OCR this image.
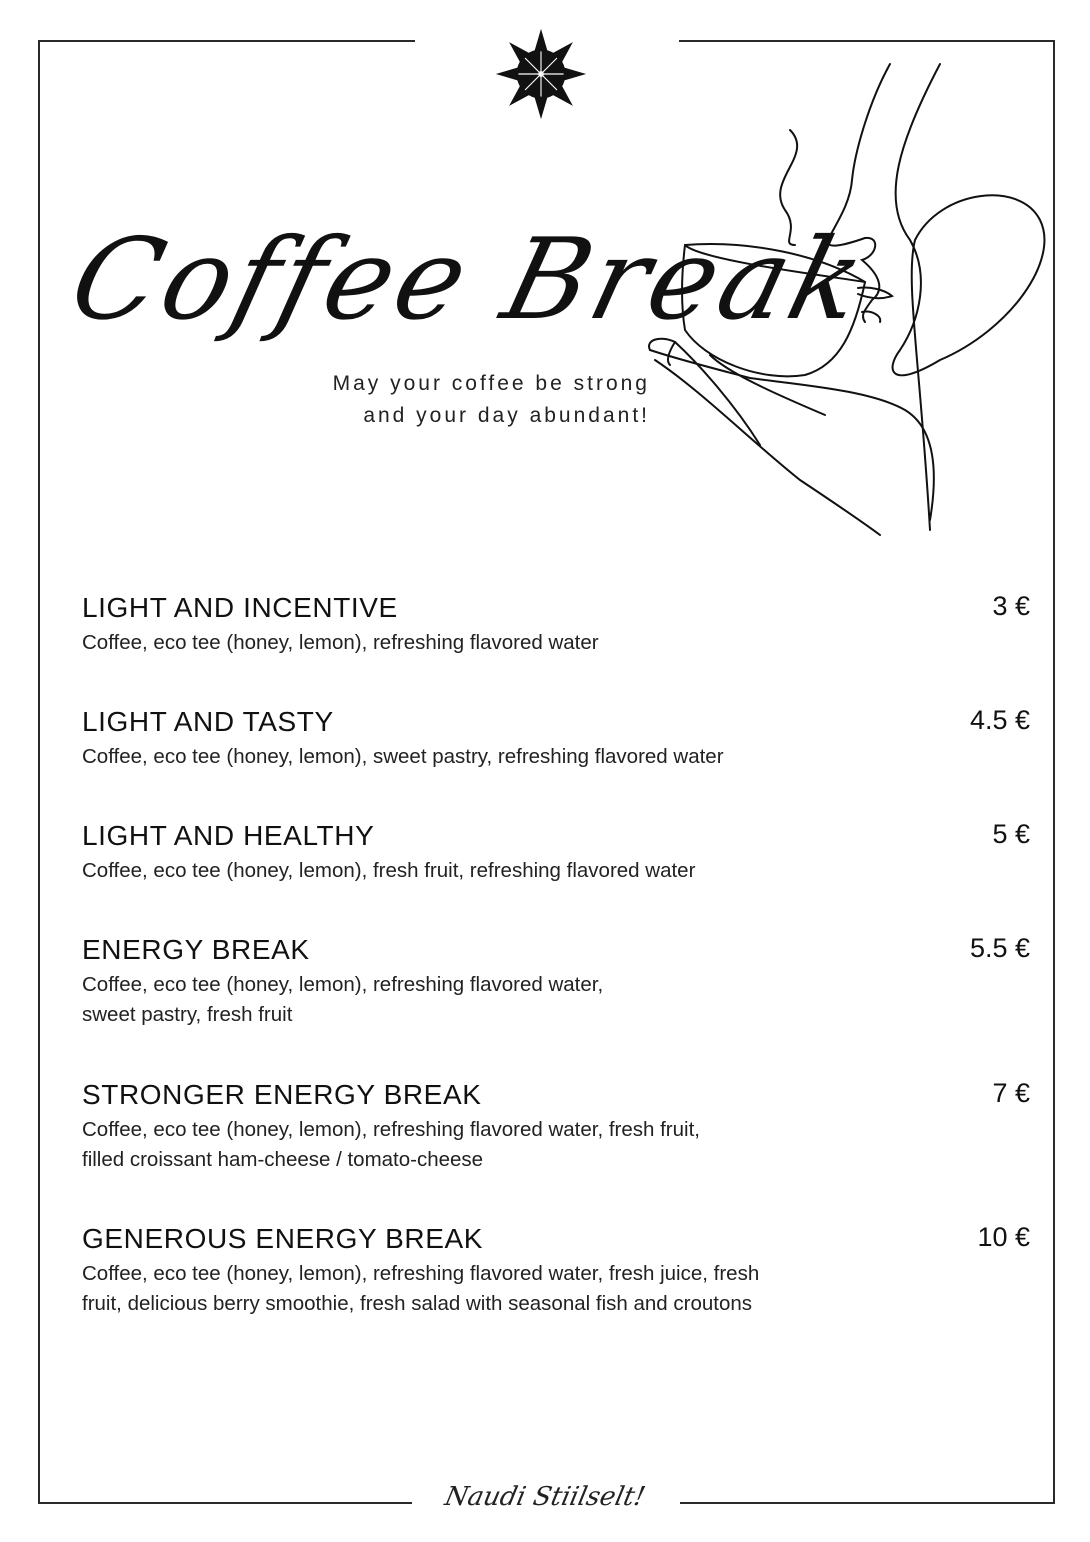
Coffee Break
May your coffee be strong
and your day abundant!
LIGHT AND INCENTIVE	3 €
Coffee, eco tee (honey, lemon), refreshing flavored water
LIGHT AND TASTY	4.5 €
Coffee, eco tee (honey, lemon), sweet pastry, refreshing flavored water
LIGHT AND HEALTHY	5 €
Coffee, eco tee (honey, lemon), fresh fruit, refreshing flavored water
ENERGY BREAK	5.5 €
Coffee, eco tee (honey, lemon), refreshing flavored water,
sweet pastry, fresh fruit
STRONGER ENERGY BREAK	7 €
Coffee, eco tee (honey, lemon), refreshing flavored water, fresh fruit,
filled croissant ham-cheese / tomato-cheese
GENEROUS ENERGY BREAK	10 €
Coffee, eco tee (honey, lemon), refreshing flavored water, fresh juice, fresh
fruit, delicious berry smoothie, fresh salad with seasonal fish and croutons
Naudi Stiilselt!
